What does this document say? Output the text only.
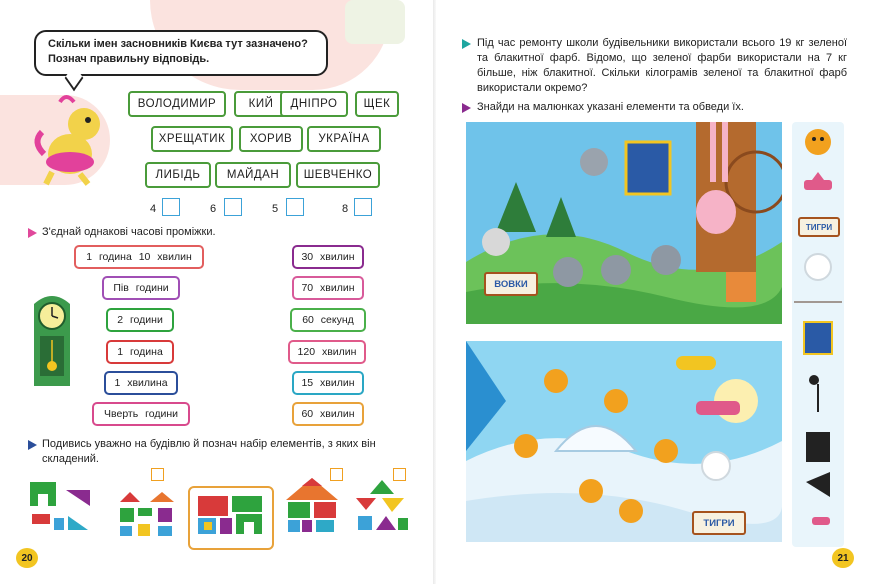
Скільки імен засновників Києва тут зазначено? Познач правильну відповідь.
ВОЛОДИМИР	КИЙ	ДНІПРО	ЩЕК
ХРЕЩАТИК	ХОРИВ	УКРАЇНА
ЛИБІДЬ	МАЙДАН	ШЕВЧЕНКО
4	6	5	8
З'єднай однакові часові проміжки.
1 година 10 хвилин
Пів години
2 години
1 година
1 хвилина
Чверть години
30 хвилин
70 хвилин
60 секунд
120 хвилин
15 хвилин
60 хвилин
Подивись уважно на будівлю й познач набір елементів, з яких він складений.
20
Під час ремонту школи будівельники використали всього 19 кг зеленої та блакитної фарб. Відомо, що зеленої фарби використали на 7 кг більше, ніж блакитної. Скільки кілограмів зеленої та блакитної фарб використали окремо?
Знайди на малюнках указані елементи та обведи їх.
ВОВКИ
ТИГРИ
ТИГРИ
21
